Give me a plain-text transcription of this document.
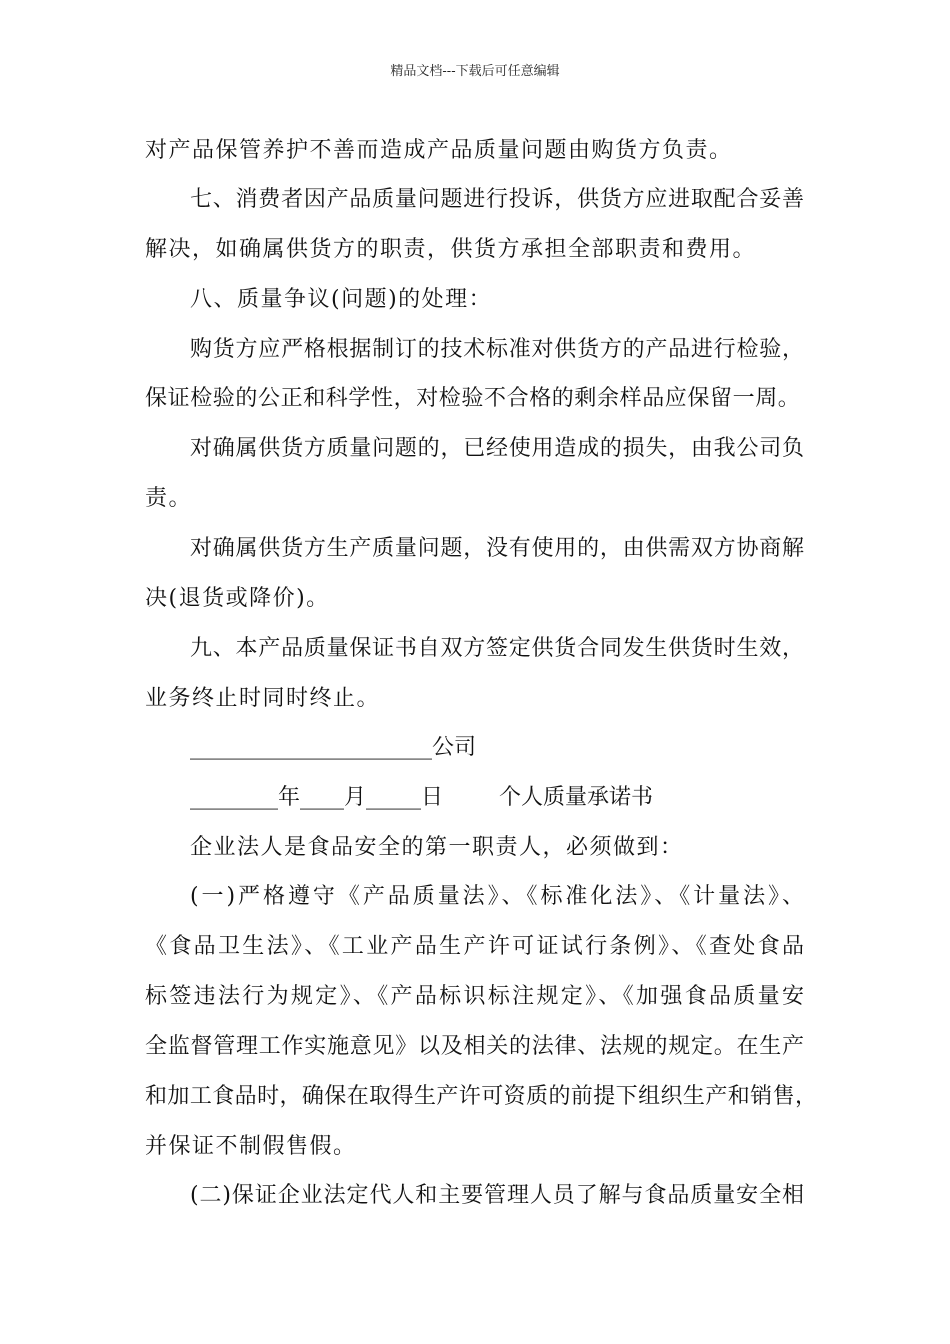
精品文档---下载后可任意编辑
对产品保管养护不善而造成产品质量问题由购货方负责。
七、消费者因产品质量问题进行投诉，供货方应进取配合妥善
解决，如确属供货方的职责，供货方承担全部职责和费用。
八、质量争议(问题)的处理：
购货方应严格根据制订的技术标准对供货方的产品进行检验，
保证检验的公正和科学性，对检验不合格的剩余样品应保留一周。
对确属供货方质量问题的，已经使用造成的损失，由我公司负
责。
对确属供货方生产质量问题，没有使用的，由供需双方协商解
决(退货或降价)。
九、本产品质量保证书自双方签定供货合同发生供货时生效，
业务终止时同时终止。
______________________公司
________年____月_____日        个人质量承诺书
企业法人是食品安全的第一职责人，必须做到：
(一)严格遵守《产品质量法》、《标准化法》、《计量法》、
《食品卫生法》、《工业产品生产许可证试行条例》、《查处食品
标签违法行为规定》、《产品标识标注规定》、《加强食品质量安
全监督管理工作实施意见》以及相关的法律、法规的规定。在生产
和加工食品时，确保在取得生产许可资质的前提下组织生产和销售，
并保证不制假售假。
(二)保证企业法定代人和主要管理人员了解与食品质量安全相
